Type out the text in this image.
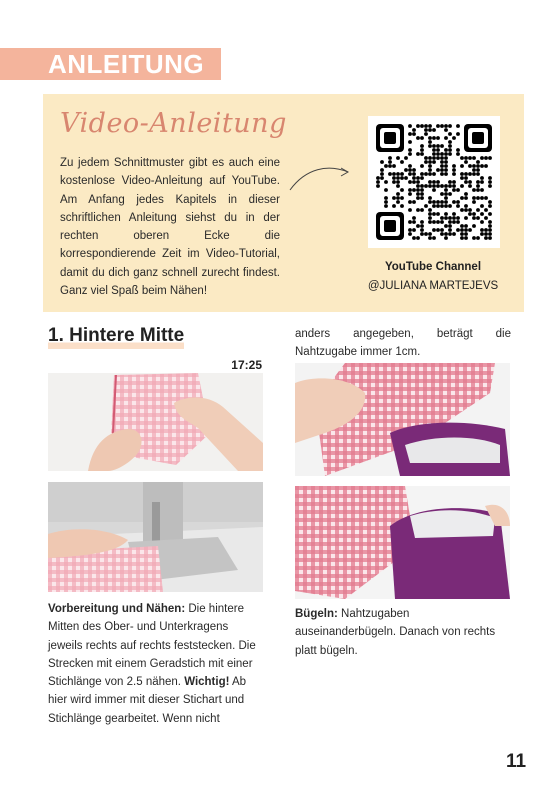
ANLEITUNG
Video-Anleitung

Zu jedem Schnittmuster gibt es auch eine kostenlose Video-Anleitung auf YouTube. Am Anfang jedes Kapitels in dieser schriftlichen Anleitung siehst du in der rechten oberen Ecke die korrespondierende Zeit im Video-Tutorial, damit du dich ganz schnell zurecht findest. Ganz viel Spaß beim Nähen!

YouTube Channel
@JULIANA MARTEJEVS
1. Hintere Mitte
17:25
Vorbereitung und Nähen: Die hintere Mitten des Ober- und Unterkragens jeweils rechts auf rechts feststecken. Die Strecken mit einem Geradstich mit einer Stichlänge von 2.5 nähen. Wichtig! Ab hier wird immer mit dieser Stichart und Stichlänge gearbeitet. Wenn nicht
anders angegeben, beträgt die Nahtzugabe immer 1cm.
Bügeln: Nahtzugaben auseinanderbügeln. Danach von rechts platt bügeln.
11
